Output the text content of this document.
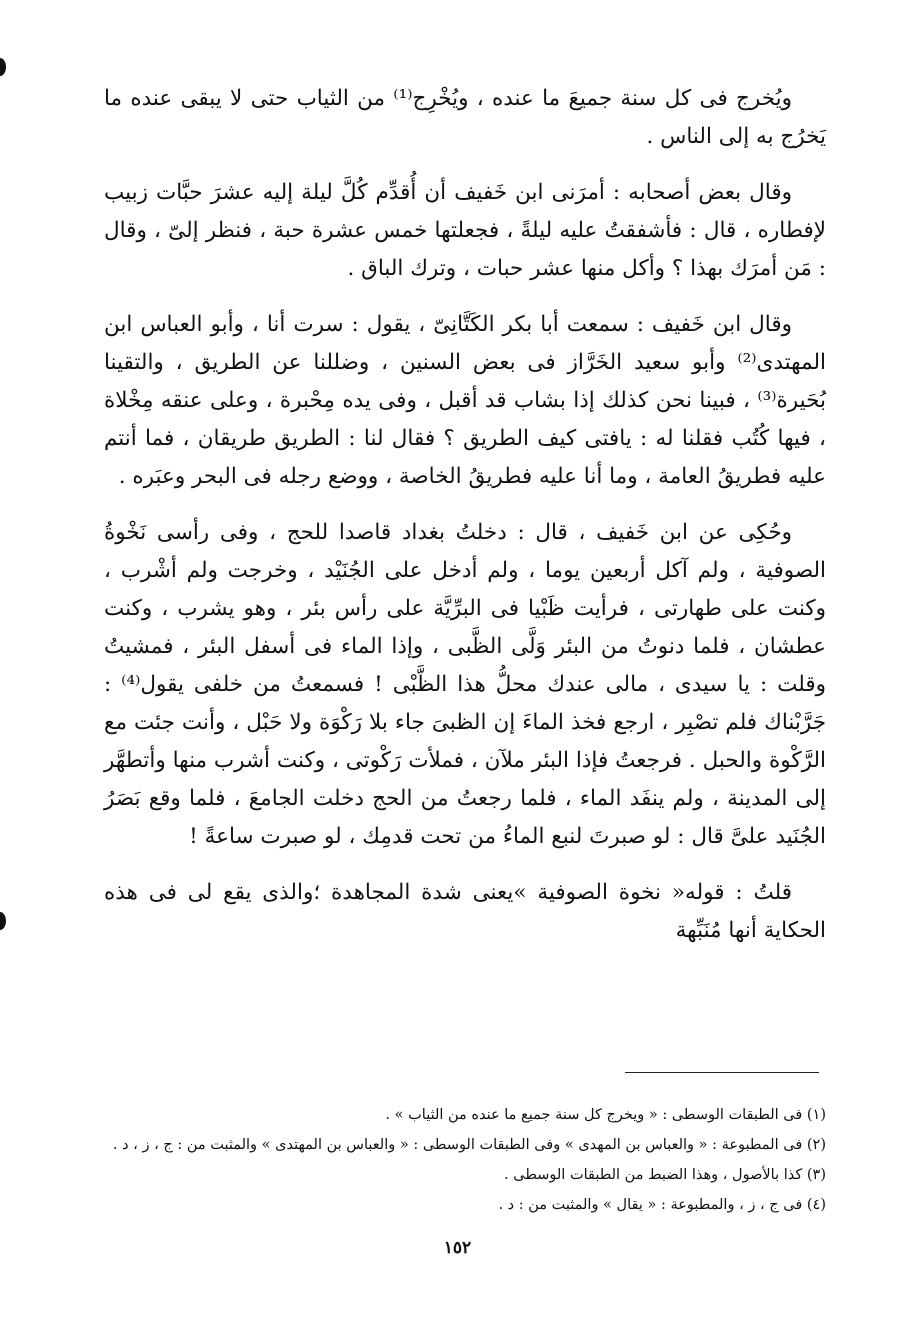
ويُخرج فى كل سنة جميعَ ما عنده ، ويُخْرِج⁽¹⁾ من الثياب حتى لا يبقى عنده ما يَخرُج به إلى الناس .

وقال بعض أصحابه : أمرَنى ابن خَفيف أن أُقدِّم كُلَّ ليلة إليه عشرَ حبَّات زبيب لإفطاره ، قال : فأشفقتُ عليه ليلةً ، فجعلتها خمس عشرة حبة ، فنظر إلىّ ، وقال : مَن أمرَك بهذا ؟ وأكل منها عشر حبات ، وترك الباق .

وقال ابن خَفيف : سمعت أبا بكر الكَتَّانِىّ ، يقول : سرت أنا ، وأبو العباس ابن المهتدى⁽²⁾ وأبو سعيد الخَرَّاز فى بعض السنين ، وضللنا عن الطريق ، والتقينا بُحَيرة⁽³⁾ ، فبينا نحن كذلك إذا بشاب قد أقبل ، وفى يده مِحْبرة ، وعلى عنقه مِخْلاة ، فيها كُتُب فقلنا له : يافتى كيف الطريق ؟ فقال لنا : الطريق طريقان ، فما أنتم عليه فطريقُ العامة ، وما أنا عليه فطريقُ الخاصة ، ووضع رجله فى البحر وعبَره .

وحُكِى عن ابن خَفيف ، قال : دخلتُ بغداد قاصدا للحج ، وفى رأسى نَخْوةُ الصوفية ، ولم آكل أربعين يوما ، ولم أدخل على الجُنَيْد ، وخرجت ولم أشْرب ، وكنت على طهارتى ، فرأيت ظَبْيا فى البرِّيَّة على رأس بئر ، وهو يشرب ، وكنت عطشان ، فلما دنوتُ من البئر وَلَّى الظَّبى ، وإذا الماء فى أسفل البئر ، فمشيتُ وقلت : يا سيدى ، مالى عندك محلُّ هذا الظَّبْى ! فسمعتُ من خلفى يقول⁽⁴⁾ : جَرَّبْناك فلم تصْبِر ، ارجع فخذ الماءَ إن الظبىَ جاء بلا رَكْوَة ولا حَبْل ، وأنت جئت مع الرَّكْوة والحبل . فرجعتُ فإذا البئر ملآن ، فملأت رَكْوتى ، وكنت أشرب منها وأتطهَّر إلى المدينة ، ولم ينفَد الماء ، فلما رجعتُ من الحج دخلت الجامعَ ، فلما وقع بَصَرُ الجُنَيد علىَّ قال : لو صبرتَ لنبع الماءُ من تحت قدمِك ، لو صبرت ساعةً !

قلتُ : قوله« نخوة الصوفية »يعنى شدة المجاهدة ؛والذى يقع لى فى هذه الحكاية أنها مُنَبِّهة

(١) فى الطبقات الوسطى : « ويخرج كل سنة جميع ما عنده من الثياب » .

(٢) فى المطبوعة : « والعباس بن المهدى » وفى الطبقات الوسطى : « والعباس بن المهتدى » والمثبت من : ج ، ز ، د .

(٣) كذا بالأصول ، وهذا الضبط من الطبقات الوسطى .

(٤) فى ج ، ز ، والمطبوعة : « يقال » والمثبت من : د .

١٥٢
